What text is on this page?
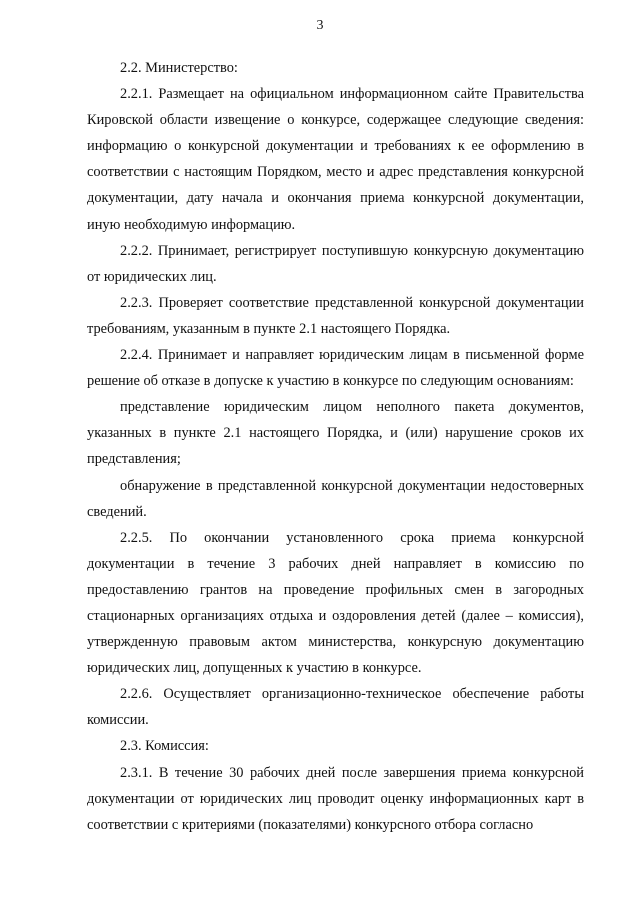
3

2.2. Министерство:

2.2.1. Размещает на официальном информационном сайте Правительства Кировской области извещение о конкурсе, содержащее следующие сведения: информацию о конкурсной документации и требованиях к ее оформлению в соответствии с настоящим Порядком, место и адрес представления конкурсной документации, дату начала и окончания приема конкурсной документации, иную необходимую информацию.

2.2.2. Принимает, регистрирует поступившую конкурсную документацию от юридических лиц.

2.2.3. Проверяет соответствие представленной конкурсной документации требованиям, указанным в пункте 2.1 настоящего Порядка.

2.2.4. Принимает и направляет юридическим лицам в письменной форме решение об отказе в допуске к участию в конкурсе по следующим основаниям:

представление юридическим лицом неполного пакета документов, указанных в пункте 2.1 настоящего Порядка, и (или) нарушение сроков их представления;

обнаружение в представленной конкурсной документации недостоверных сведений.

2.2.5. По окончании установленного срока приема конкурсной документации в течение 3 рабочих дней направляет в комиссию по предоставлению грантов на проведение профильных смен в загородных стационарных организациях отдыха и оздоровления детей (далее – комиссия), утвержденную правовым актом министерства, конкурсную документацию юридических лиц, допущенных к участию в конкурсе.

2.2.6. Осуществляет организационно-техническое обеспечение работы комиссии.

2.3. Комиссия:

2.3.1. В течение 30 рабочих дней после завершения приема конкурсной документации от юридических лиц проводит оценку информационных карт в соответствии с критериями (показателями) конкурсного отбора согласно
